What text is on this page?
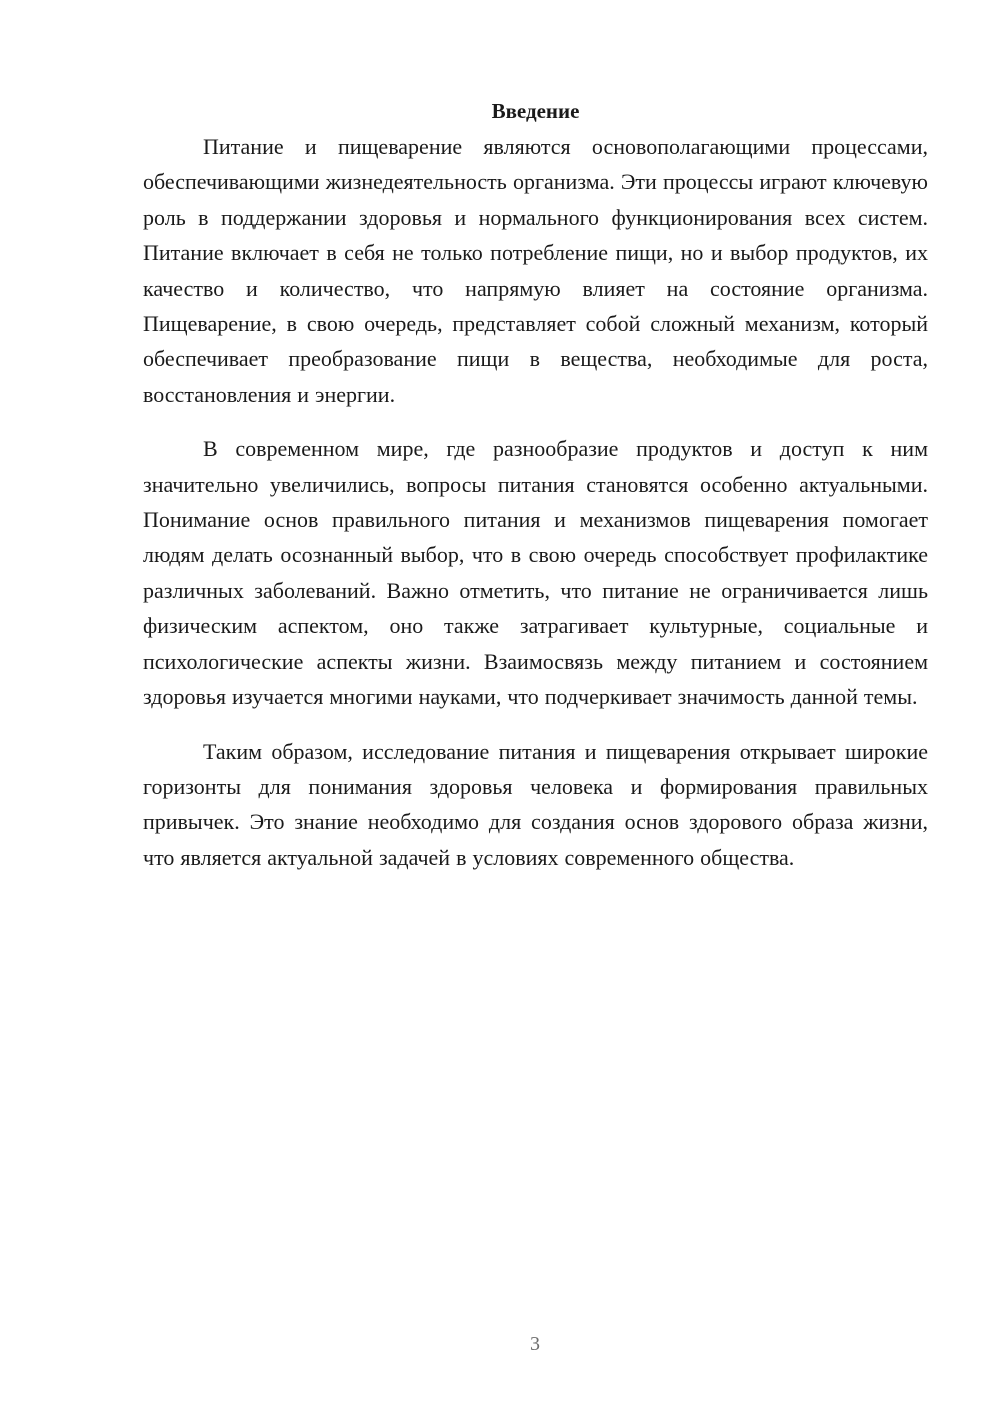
Введение

Питание и пищеварение являются основополагающими процессами, обеспечивающими жизнедеятельность организма. Эти процессы играют ключевую роль в поддержании здоровья и нормального функционирования всех систем. Питание включает в себя не только потребление пищи, но и выбор продуктов, их качество и количество, что напрямую влияет на состояние организма. Пищеварение, в свою очередь, представляет собой сложный механизм, который обеспечивает преобразование пищи в вещества, необходимые для роста, восстановления и энергии.

В современном мире, где разнообразие продуктов и доступ к ним значительно увеличились, вопросы питания становятся особенно актуальными. Понимание основ правильного питания и механизмов пищеварения помогает людям делать осознанный выбор, что в свою очередь способствует профилактике различных заболеваний. Важно отметить, что питание не ограничивается лишь физическим аспектом, оно также затрагивает культурные, социальные и психологические аспекты жизни. Взаимосвязь между питанием и состоянием здоровья изучается многими науками, что подчеркивает значимость данной темы.

Таким образом, исследование питания и пищеварения открывает широкие горизонты для понимания здоровья человека и формирования правильных привычек. Это знание необходимо для создания основ здорового образа жизни, что является актуальной задачей в условиях современного общества.

3
